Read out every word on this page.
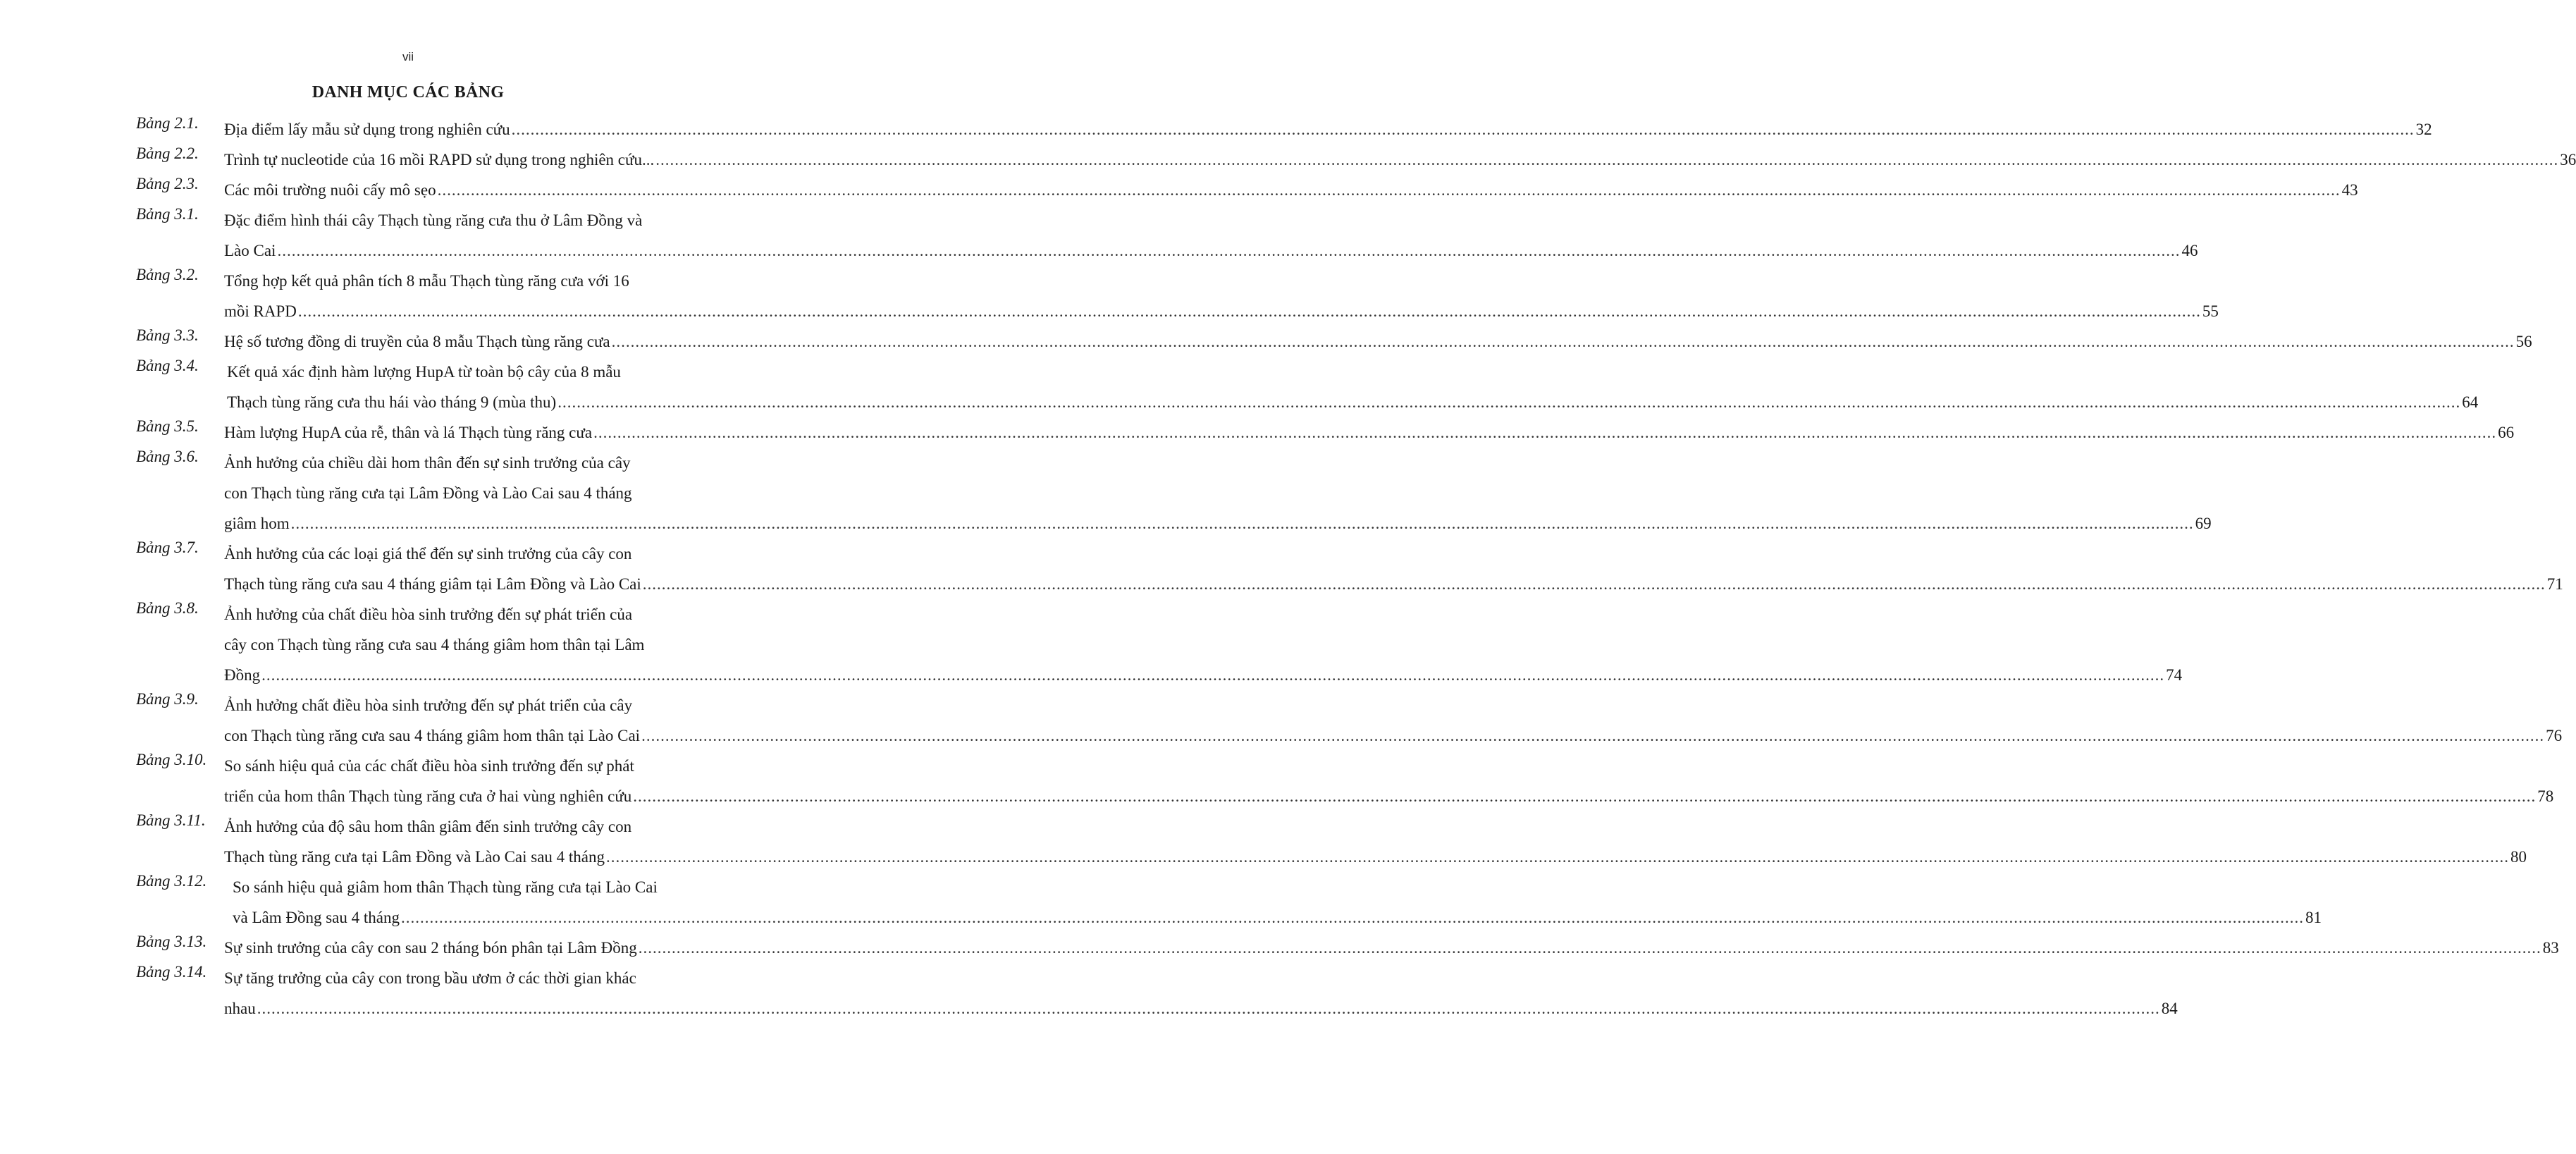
vii
DANH MỤC CÁC BẢNG
Bảng 2.1. Địa điểm lấy mẫu sử dụng trong nghiên cứu ................................................................................................................................................................................................................................................................................................................................................................................................................ 32
Bảng 2.2. Trình tự nucleotide của 16 mồi RAPD sử dụng trong nghiên cứu... ................................................................................................................................................................................................................................................................................................................................................................................................................ 36
Bảng 2.3. Các môi trường nuôi cấy mô sẹo ................................................................................................................................................................................................................................................................................................................................................................................................................ 43
Bảng 3.1. Đặc điểm hình thái cây Thạch tùng răng cưa thu ở Lâm Đồng và
Lào Cai ................................................................................................................................................................................................................................................................................................................................................................................................................ 46
Bảng 3.2. Tổng hợp kết quả phân tích 8 mẫu Thạch tùng răng cưa với 16
mồi RAPD ................................................................................................................................................................................................................................................................................................................................................................................................................ 55
Bảng 3.3. Hệ số tương đồng di truyền của 8 mẫu Thạch tùng răng cưa ................................................................................................................................................................................................................................................................................................................................................................................................................ 56
Bảng 3.4. Kết quả xác định hàm lượng HupA từ toàn bộ cây của 8 mẫu
Thạch tùng răng cưa thu hái vào tháng 9 (mùa thu) ................................................................................................................................................................................................................................................................................................................................................................................................................ 64
Bảng 3.5. Hàm lượng HupA của rễ, thân và lá Thạch tùng răng cưa ................................................................................................................................................................................................................................................................................................................................................................................................................ 66
Bảng 3.6. Ảnh hưởng của chiều dài hom thân đến sự sinh trưởng của cây
con Thạch tùng răng cưa tại Lâm Đồng và Lào Cai sau 4 tháng
giâm hom ................................................................................................................................................................................................................................................................................................................................................................................................................ 69
Bảng 3.7. Ảnh hưởng của các loại giá thể đến sự sinh trưởng của cây con
Thạch tùng răng cưa sau 4 tháng giâm tại Lâm Đồng và Lào Cai ................................................................................................................................................................................................................................................................................................................................................................................................................ 71
Bảng 3.8. Ảnh hưởng của chất điều hòa sinh trưởng đến sự phát triển của
cây con Thạch tùng răng cưa sau 4 tháng giâm hom thân tại Lâm
Đồng ................................................................................................................................................................................................................................................................................................................................................................................................................ 74
Bảng 3.9. Ảnh hưởng chất điều hòa sinh trưởng đến sự phát triển của cây
con Thạch tùng răng cưa sau 4 tháng giâm hom thân tại Lào Cai ................................................................................................................................................................................................................................................................................................................................................................................................................ 76
Bảng 3.10. So sánh hiệu quả của các chất điều hòa sinh trưởng đến sự phát
triển của hom thân Thạch tùng răng cưa ở hai vùng nghiên cứu ................................................................................................................................................................................................................................................................................................................................................................................................................ 78
Bảng 3.11. Ảnh hưởng của độ sâu hom thân giâm đến sinh trưởng cây con
Thạch tùng răng cưa tại Lâm Đồng và Lào Cai sau 4 tháng ................................................................................................................................................................................................................................................................................................................................................................................................................ 80
Bảng 3.12. So sánh hiệu quả giâm hom thân Thạch tùng răng cưa tại Lào Cai
và Lâm Đồng sau 4 tháng ................................................................................................................................................................................................................................................................................................................................................................................................................ 81
Bảng 3.13. Sự sinh trưởng của cây con sau 2 tháng bón phân tại Lâm Đồng ................................................................................................................................................................................................................................................................................................................................................................................................................ 83
Bảng 3.14. Sự tăng trưởng của cây con trong bầu ươm ở các thời gian khác
nhau ................................................................................................................................................................................................................................................................................................................................................................................................................ 84
